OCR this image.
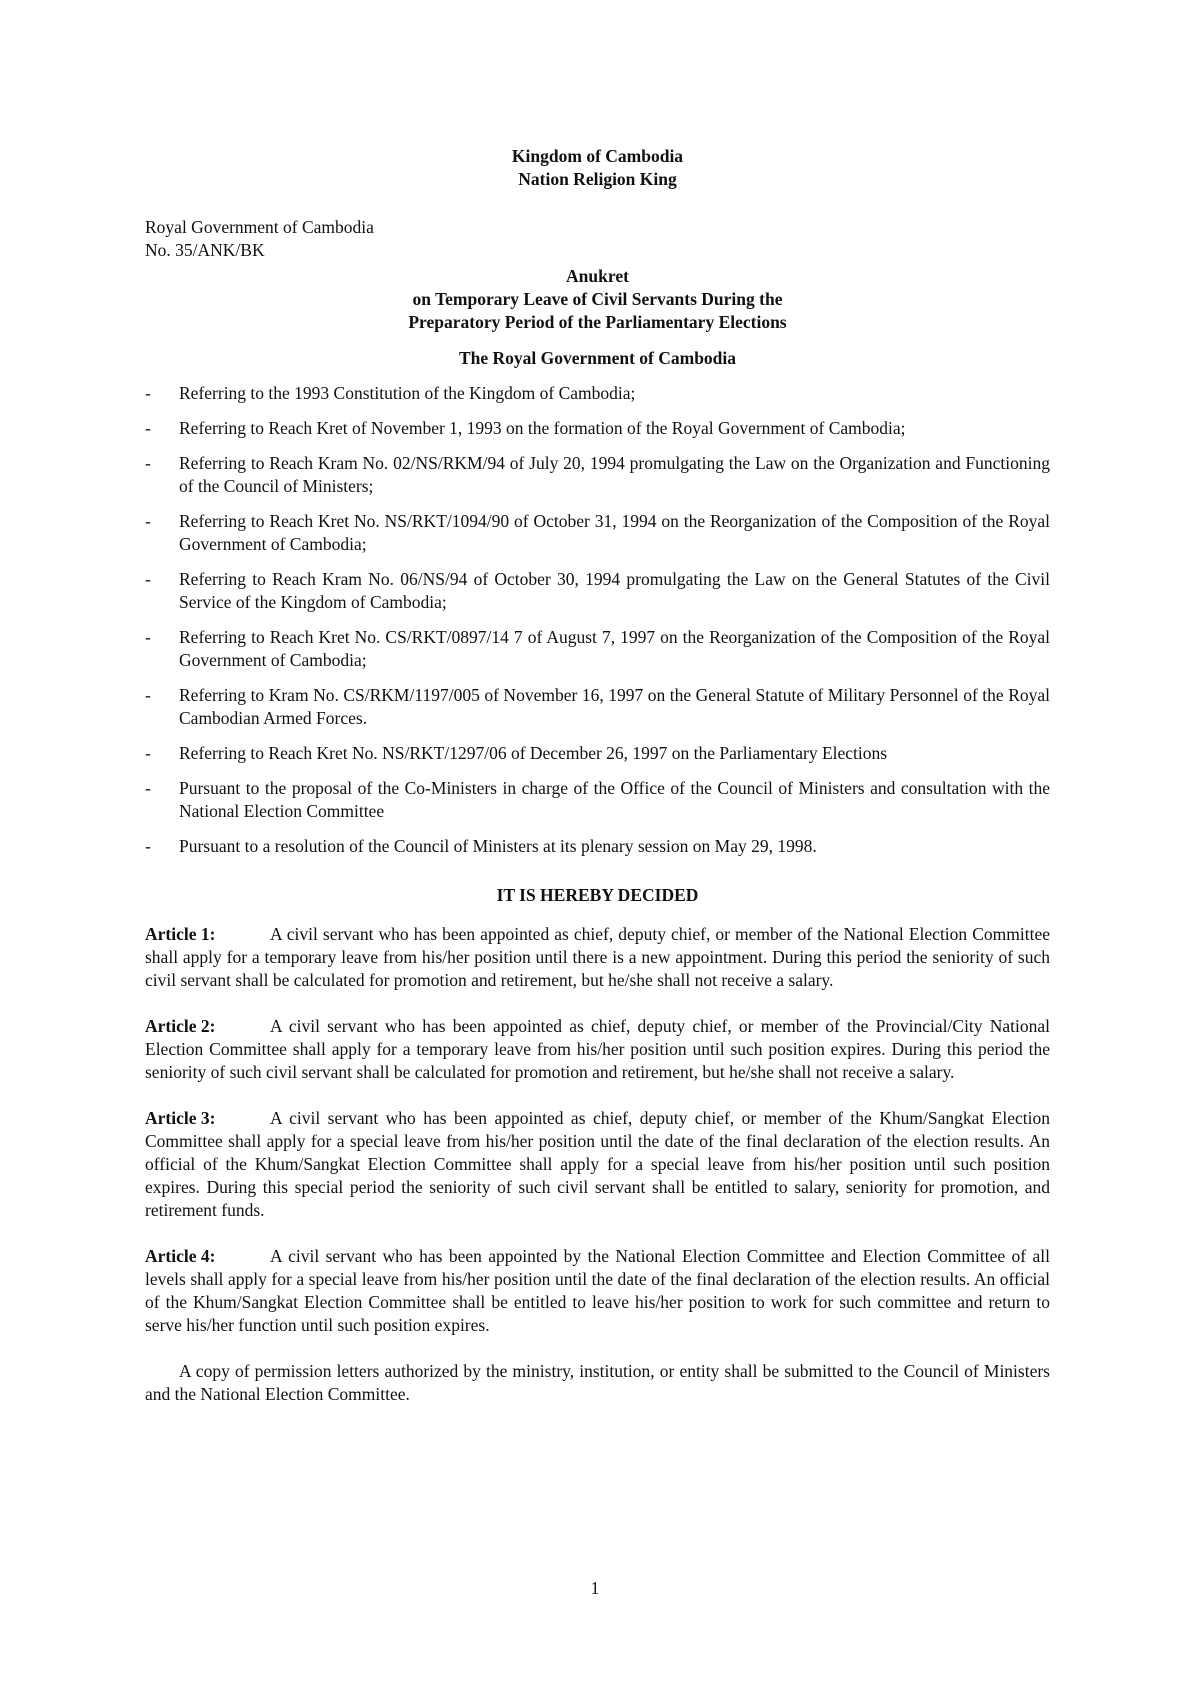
Kingdom of Cambodia
Nation Religion King
Royal Government of Cambodia
No. 35/ANK/BK
Anukret
on Temporary Leave of Civil Servants During the
Preparatory Period of the Parliamentary Elections
The Royal Government of Cambodia
-	Referring to the 1993 Constitution of the Kingdom of Cambodia;
-	Referring to Reach Kret of November 1, 1993 on the formation of the Royal Government of Cambodia;
-	Referring to Reach Kram No. 02/NS/RKM/94 of July 20, 1994 promulgating the Law on the Organization and Functioning of the Council of Ministers;
-	Referring to Reach Kret No. NS/RKT/1094/90 of October 31, 1994 on the Reorganization of the Composition of the Royal Government of Cambodia;
-	Referring to Reach Kram No. 06/NS/94 of October 30, 1994 promulgating the Law on the General Statutes of the Civil Service of the Kingdom of Cambodia;
-	Referring to Reach Kret No. CS/RKT/0897/14 7 of August 7, 1997 on the Reorganization of the Composition of the Royal Government of Cambodia;
-	Referring to Kram No. CS/RKM/1197/005 of November 16, 1997 on the General Statute of Military Personnel of the Royal Cambodian Armed Forces.
-	Referring to Reach Kret No. NS/RKT/1297/06 of December 26, 1997 on the Parliamentary Elections
-	Pursuant to the proposal of the Co-Ministers in charge of the Office of the Council of Ministers and consultation with the National Election Committee
-	Pursuant to a resolution of the Council of Ministers at its plenary session on May 29, 1998.
IT IS HEREBY DECIDED
Article 1:	A civil servant who has been appointed as chief, deputy chief, or member of the National Election Committee shall apply for a temporary leave from his/her position until there is a new appointment. During this period the seniority of such civil servant shall be calculated for promotion and retirement, but he/she shall not receive a salary.
Article 2:	A civil servant who has been appointed as chief, deputy chief, or member of the Provincial/City National Election Committee shall apply for a temporary leave from his/her position until such position expires. During this period the seniority of such civil servant shall be calculated for promotion and retirement, but he/she shall not receive a salary.
Article 3:	A civil servant who has been appointed as chief, deputy chief, or member of the Khum/Sangkat Election Committee shall apply for a special leave from his/her position until the date of the final declaration of the election results. An official of the Khum/Sangkat Election Committee shall apply for a special leave from his/her position until such position expires. During this special period the seniority of such civil servant shall be entitled to salary, seniority for promotion, and retirement funds.
Article 4:	A civil servant who has been appointed by the National Election Committee and Election Committee of all levels shall apply for a special leave from his/her position until the date of the final declaration of the election results. An official of the Khum/Sangkat Election Committee shall be entitled to leave his/her position to work for such committee and return to serve his/her function until such position expires.
A copy of permission letters authorized by the ministry, institution, or entity shall be submitted to the Council of Ministers and the National Election Committee.
1
